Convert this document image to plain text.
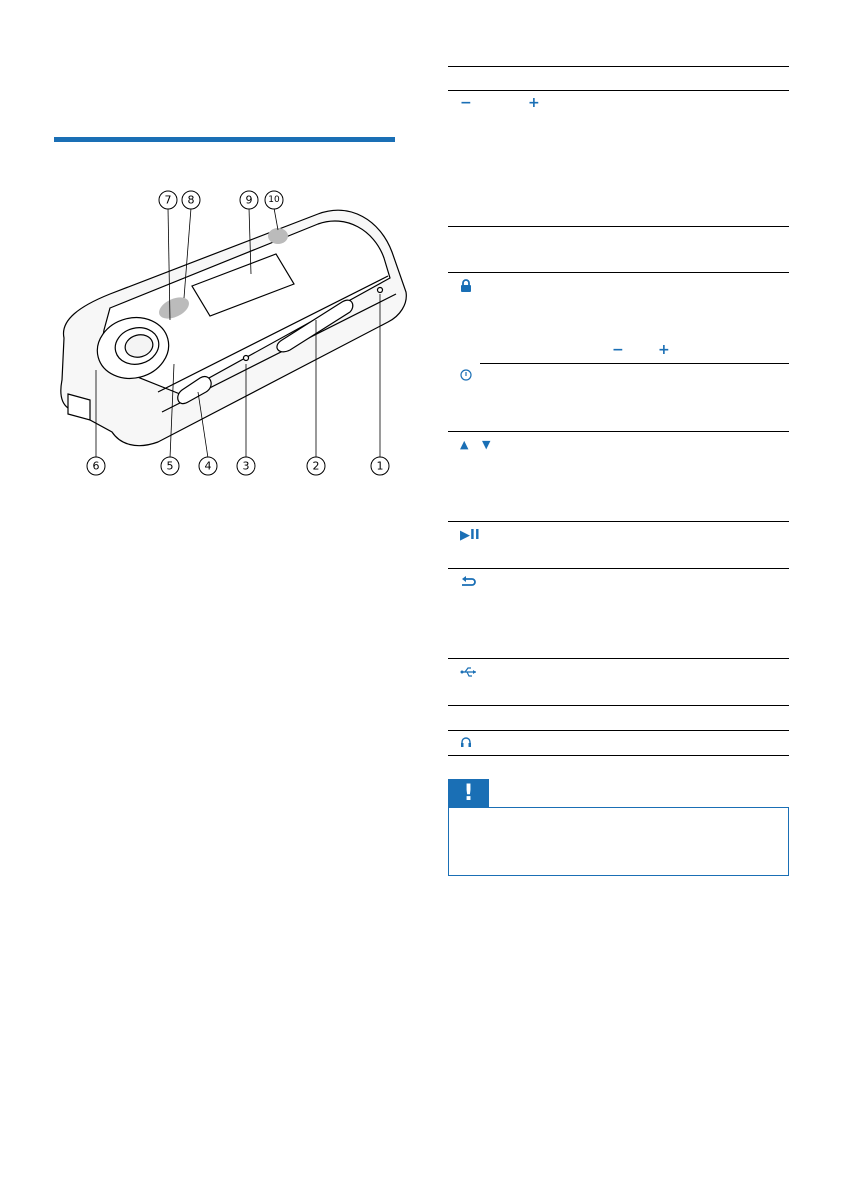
7 8	9 10
6	5	4	3	2	1
−	+
− +
▲ ▼
▶II
!
